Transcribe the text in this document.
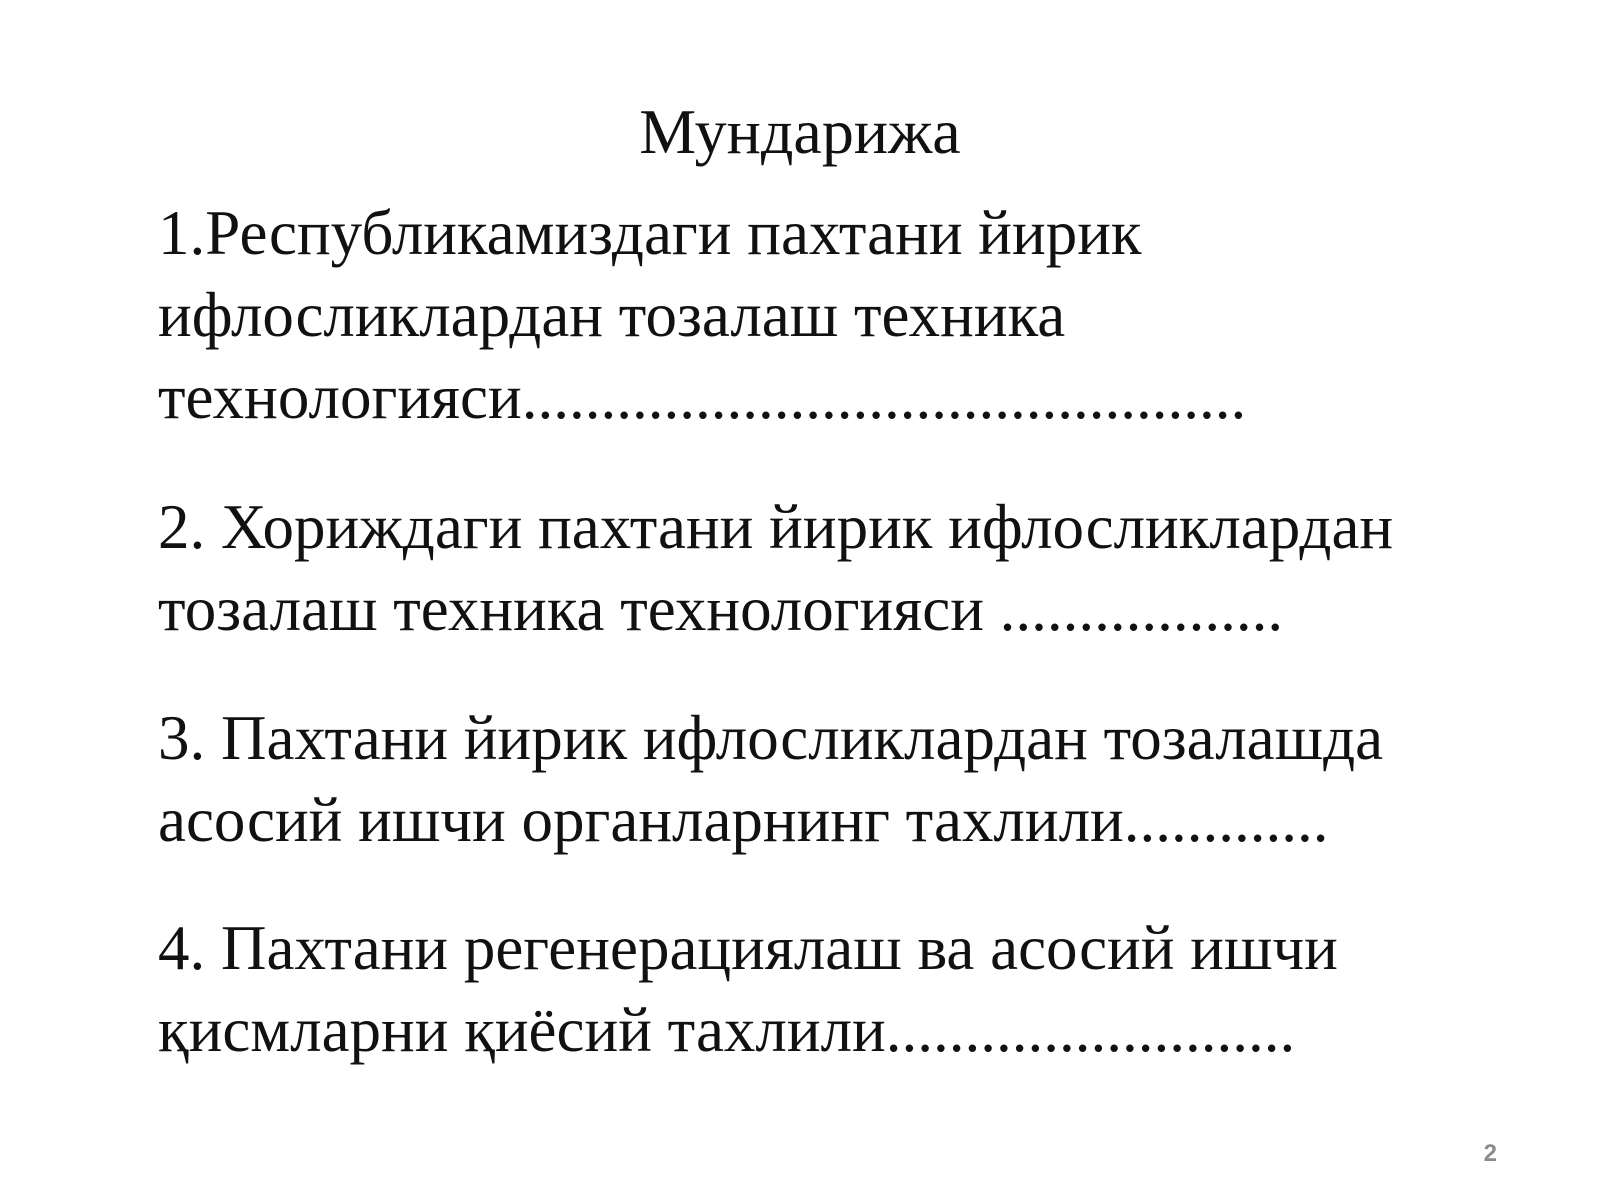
Мундарижа
1.Республикамиздаги пахтани йирик
ифлосликлардан тозалаш техника
технологияси..............................................
2. Хориждаги пахтани йирик ифлосликлардан
тозалаш техника технологияси ..................
3. Пахтани йирик ифлосликлардан тозалашда
асосий ишчи органларнинг тахлили.............
4. Пахтани регенерациялаш ва асосий ишчи
қисмларни қиёсий тахлили..........................
2
